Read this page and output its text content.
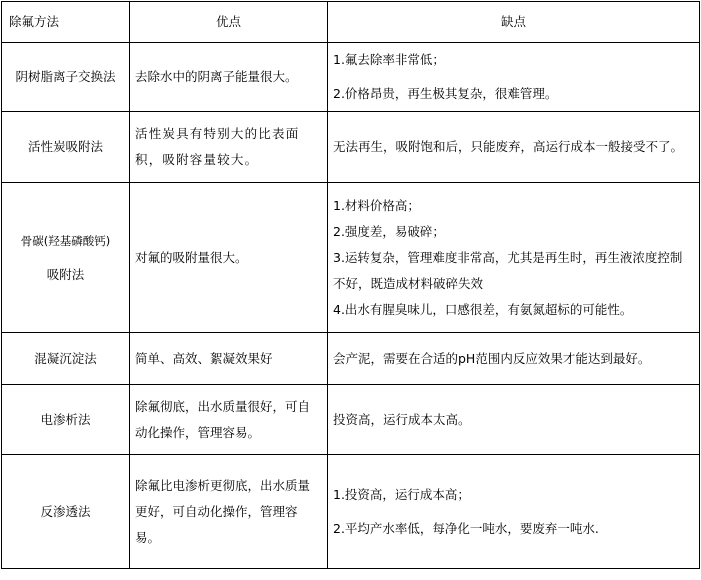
除氟方法	优点	缺点
阴树脂离子交换法	去除水中的阴离子能量很大。	1.氟去除率非常低；
2.价格昂贵，再生极其复杂，很难管理。

活性炭吸附法	活性炭具有特别大的比表面积，吸附容量较大。	无法再生，吸附饱和后，只能废弃，高运行成本一般接受不了。

骨碳(羟基磷酸钙)
吸附法	对氟的吸附量很大。	1.材料价格高；
2.强度差，易破碎；
3.运转复杂，管理难度非常高，尤其是再生时，再生液浓度控制不好，既造成材料破碎失效
4.出水有腥臭味儿，口感很差，有氨氮超标的可能性。

混凝沉淀法	简单、高效、絮凝效果好	会产泥，需要在合适的pH范围内反应效果才能达到最好。

电渗析法	除氟彻底，出水质量很好，可自动化操作，管理容易。	投资高，运行成本太高。

反渗透法	除氟比电渗析更彻底，出水质量更好，可自动化操作，管理容易。	1.投资高，运行成本高；
2.平均产水率低，每净化一吨水，要废弃一吨水.
